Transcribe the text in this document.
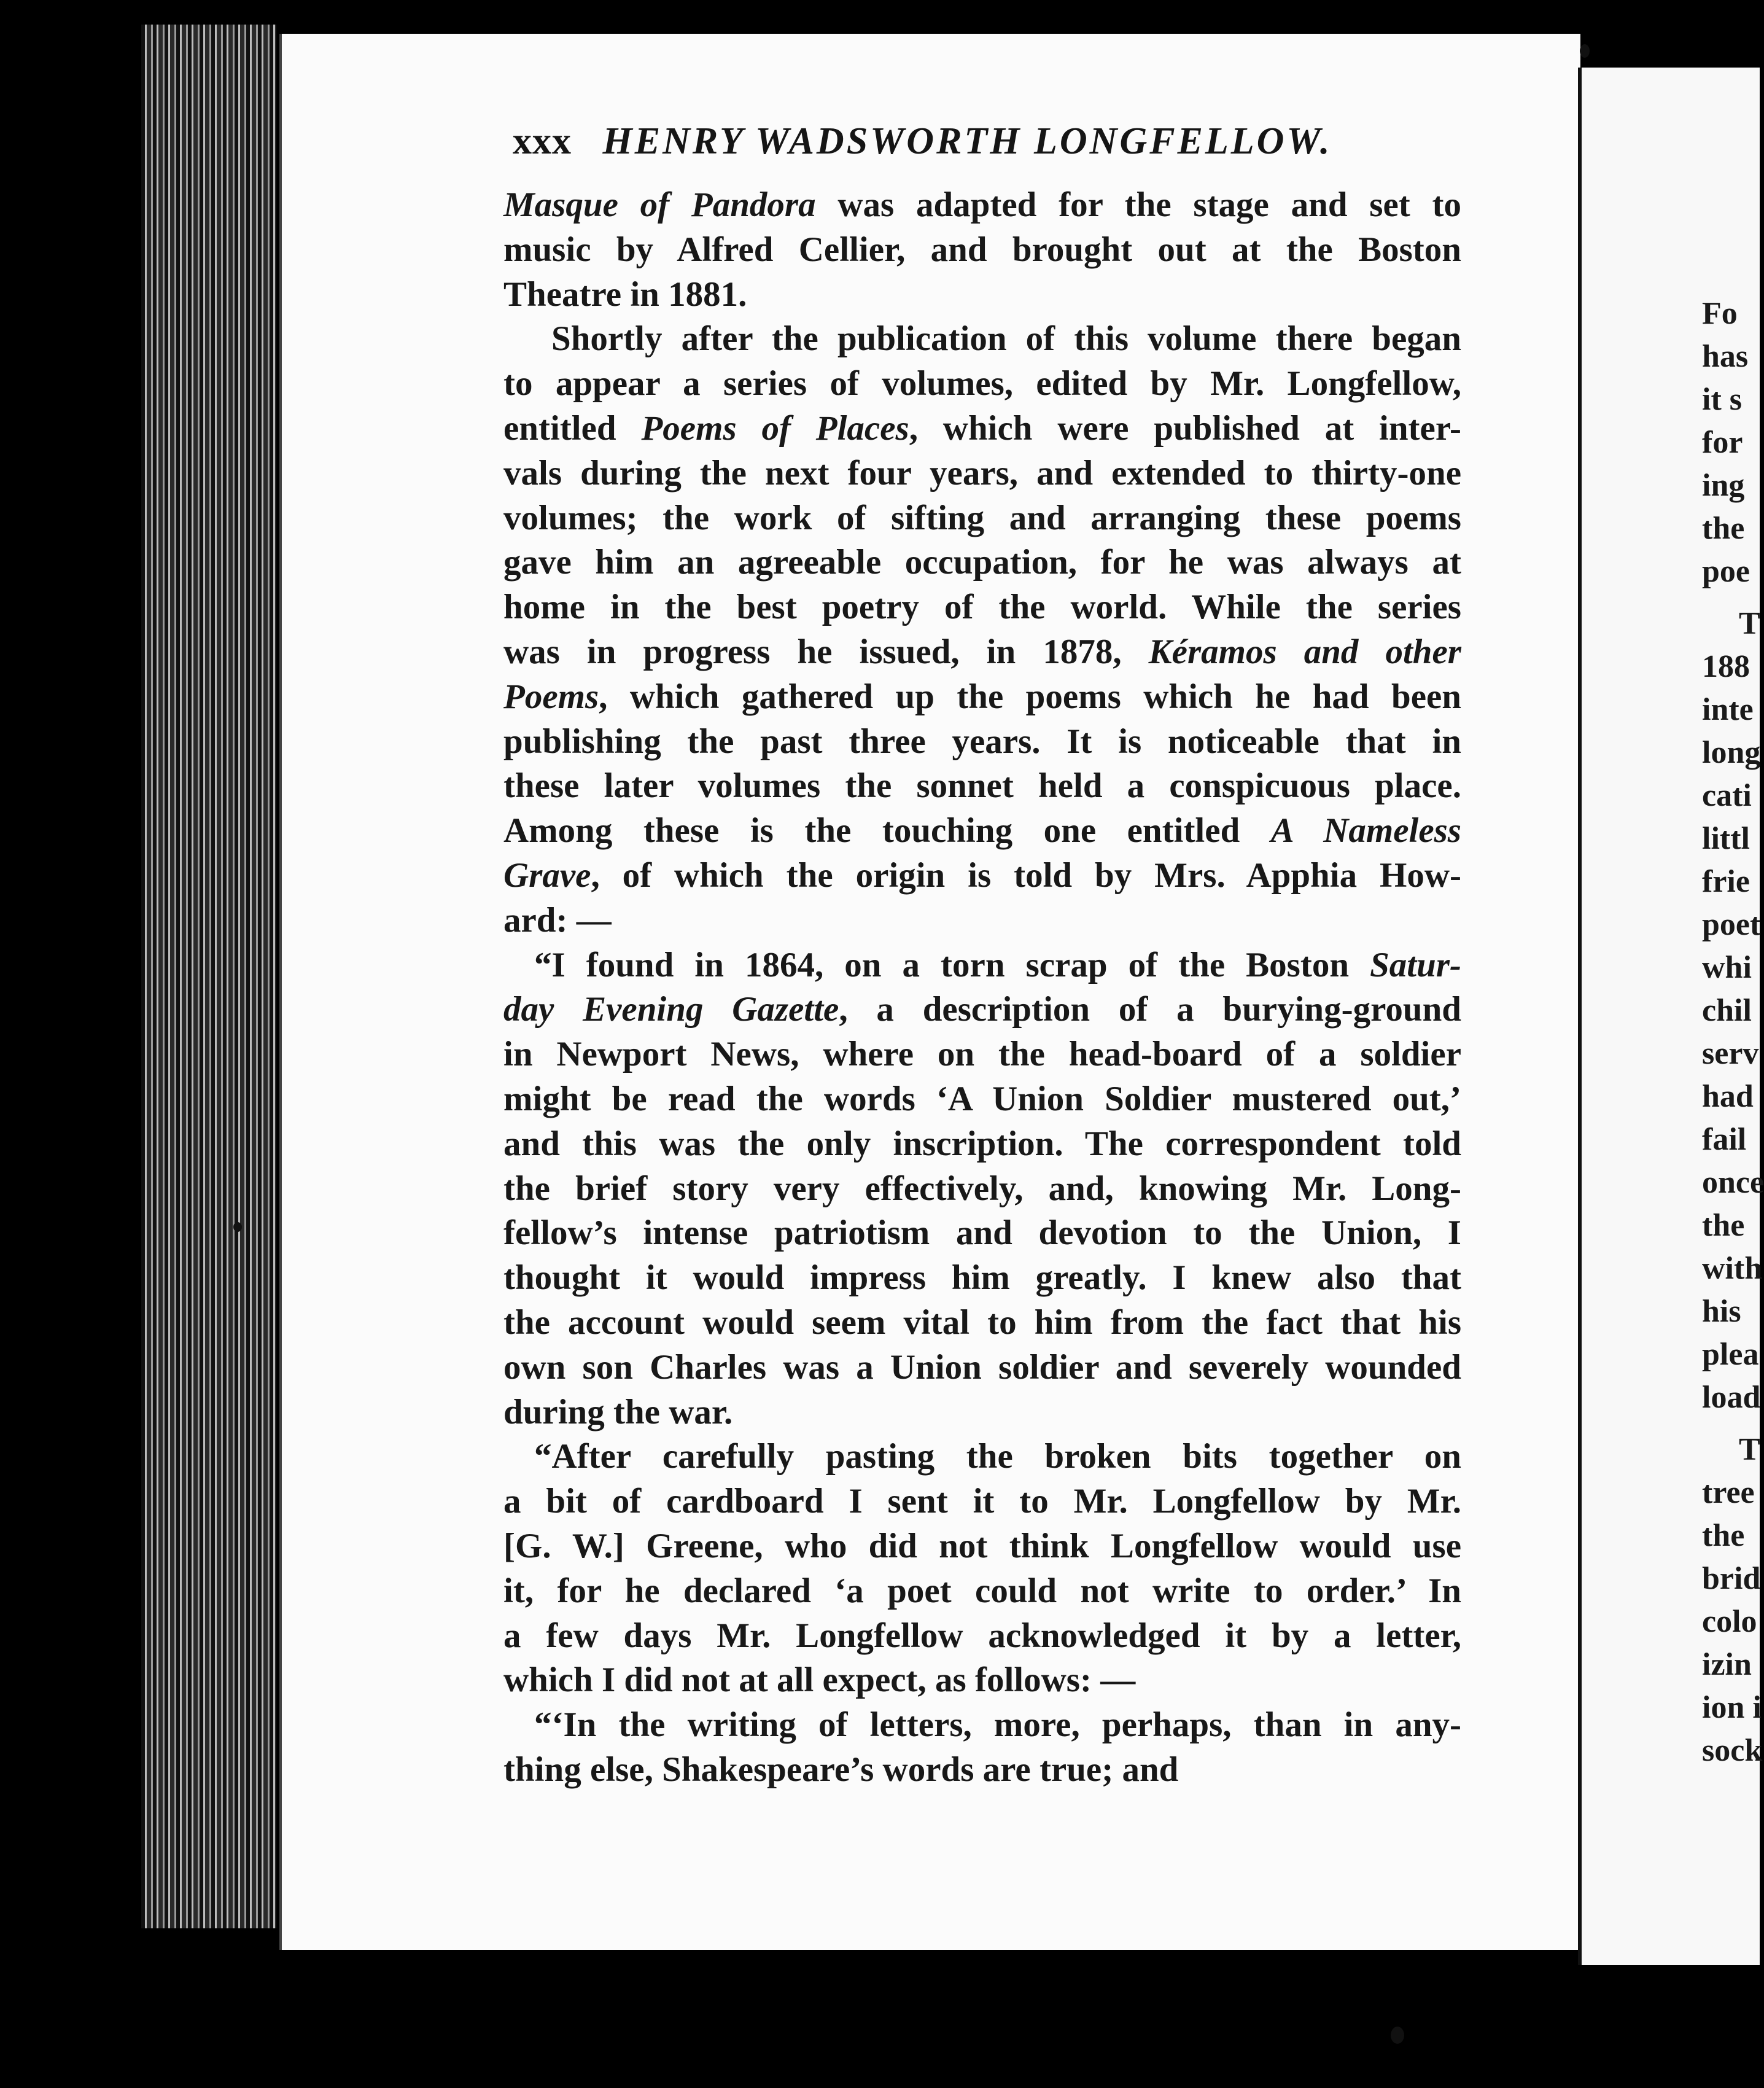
xxx HENRY WADSWORTH LONGFELLOW.
Masque of Pandora was adapted for the stage and set to
music by Alfred Cellier, and brought out at the Boston
Theatre in 1881.
Shortly after the publication of this volume there began
to appear a series of volumes, edited by Mr. Longfellow,
entitled Poems of Places, which were published at inter-
vals during the next four years, and extended to thirty-one
volumes; the work of sifting and arranging these poems
gave him an agreeable occupation, for he was always at
home in the best poetry of the world. While the series
was in progress he issued, in 1878, Kéramos and other
Poems, which gathered up the poems which he had been
publishing the past three years. It is noticeable that in
these later volumes the sonnet held a conspicuous place.
Among these is the touching one entitled A Nameless
Grave, of which the origin is told by Mrs. Apphia How-
ard: —
“I found in 1864, on a torn scrap of the Boston Satur-
day Evening Gazette, a description of a burying-ground
in Newport News, where on the head-board of a soldier
might be read the words ‘A Union Soldier mustered out,’
and this was the only inscription. The correspondent told
the brief story very effectively, and, knowing Mr. Long-
fellow’s intense patriotism and devotion to the Union, I
thought it would impress him greatly. I knew also that
the account would seem vital to him from the fact that his
own son Charles was a Union soldier and severely wounded
during the war.
“After carefully pasting the broken bits together on
a bit of cardboard I sent it to Mr. Longfellow by Mr.
[G. W.] Greene, who did not think Longfellow would use
it, for he declared ‘a poet could not write to order.’ In
a few days Mr. Longfellow acknowledged it by a letter,
which I did not at all expect, as follows: —
“‘In the writing of letters, more, perhaps, than in any-
thing else, Shakespeare’s words are true; and
Fo
has
it s
for
ing
the
poe
T
188
inte
long
cati
littl
frie
poet
whi
chil
serv
had
fail
once
the
with
his
plea
load
T
tree
the
brid
colo
izin
ion i
sock
